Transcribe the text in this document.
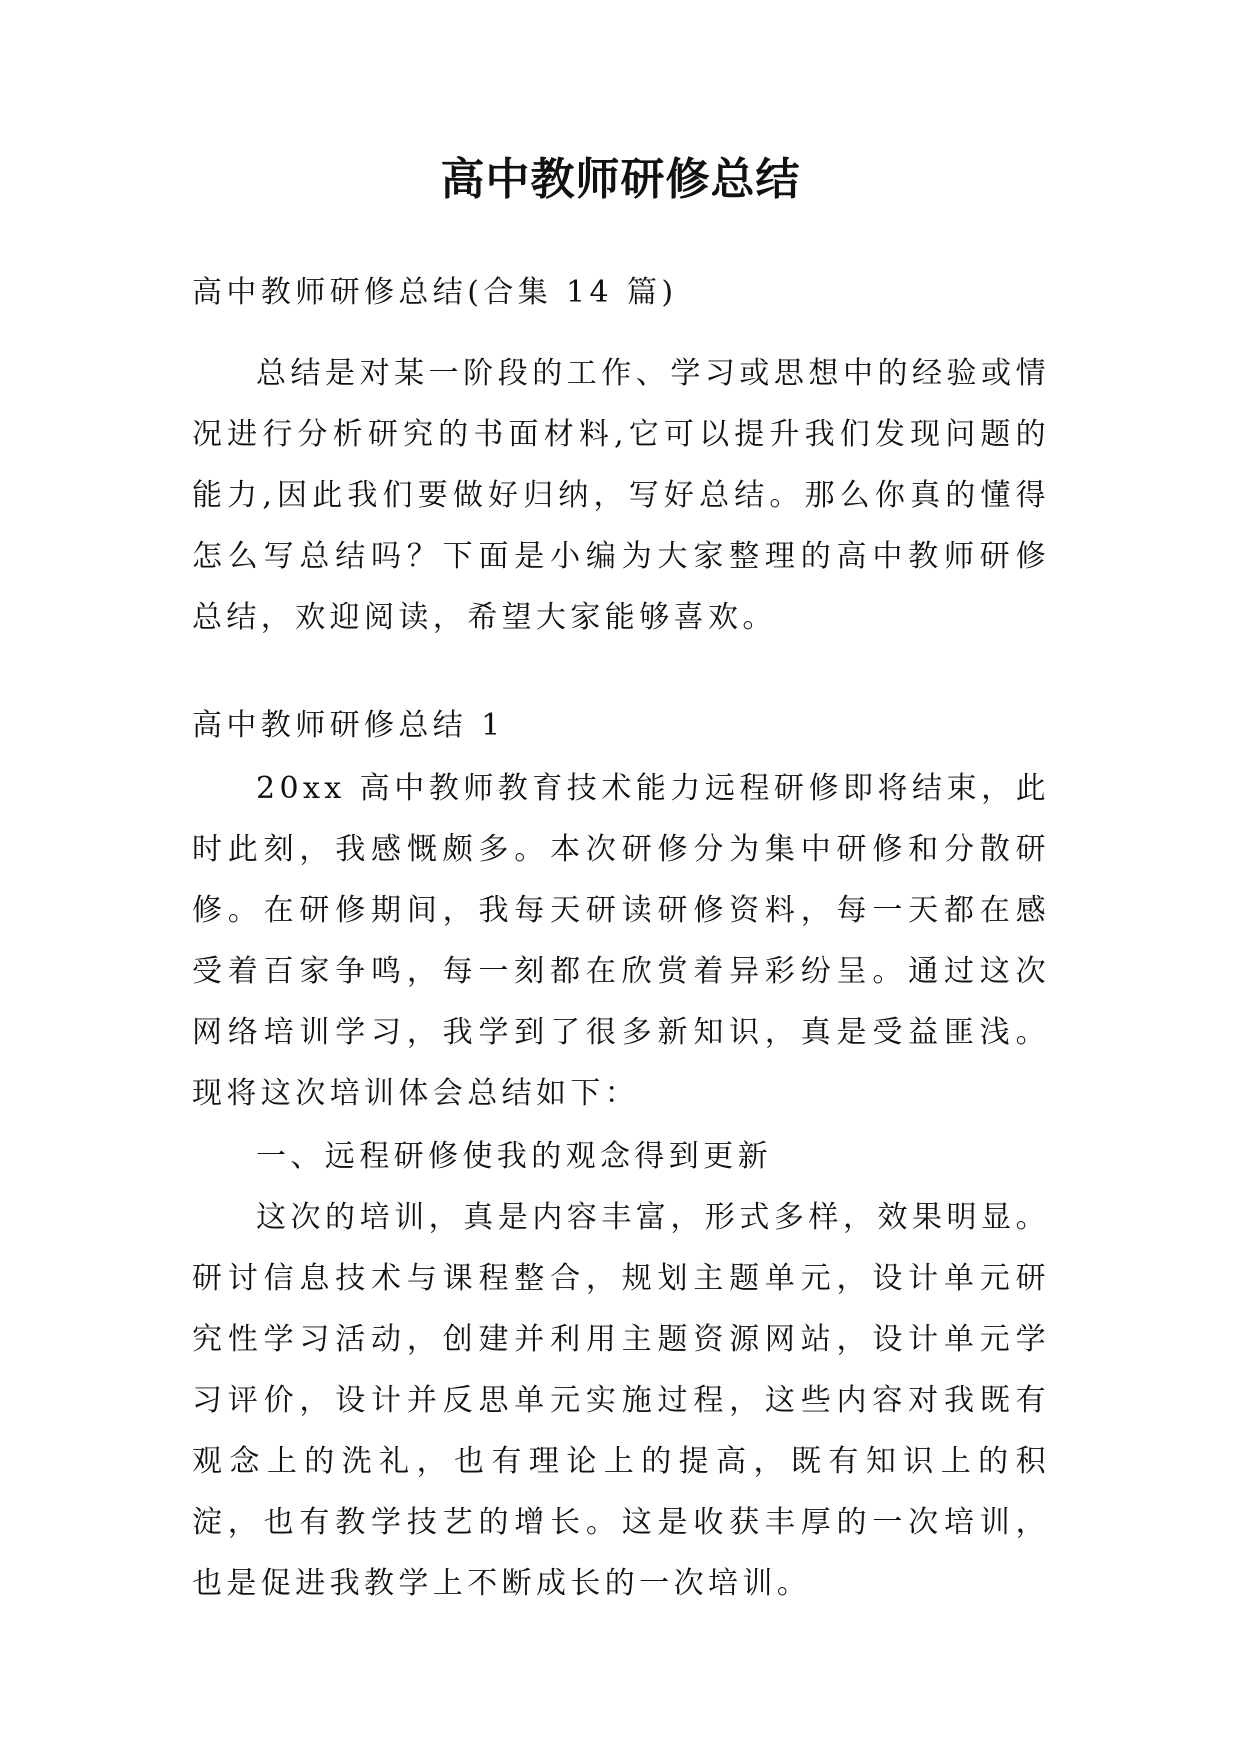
高中教师研修总结

高中教师研修总结(合集 14 篇)

总结是对某一阶段的工作、学习或思想中的经验或情况进行分析研究的书面材料,它可以提升我们发现问题的能力,因此我们要做好归纳，写好总结。那么你真的懂得怎么写总结吗？下面是小编为大家整理的高中教师研修总结，欢迎阅读，希望大家能够喜欢。

高中教师研修总结 1

20xx 高中教师教育技术能力远程研修即将结束，此时此刻，我感慨颇多。本次研修分为集中研修和分散研修。在研修期间，我每天研读研修资料，每一天都在感受着百家争鸣，每一刻都在欣赏着异彩纷呈。通过这次网络培训学习，我学到了很多新知识，真是受益匪浅。现将这次培训体会总结如下：

一、远程研修使我的观念得到更新

这次的培训，真是内容丰富，形式多样，效果明显。研讨信息技术与课程整合，规划主题单元，设计单元研究性学习活动，创建并利用主题资源网站，设计单元学习评价，设计并反思单元实施过程，这些内容对我既有观念上的洗礼，也有理论上的提高，既有知识上的积淀，也有教学技艺的增长。这是收获丰厚的一次培训，也是促进我教学上不断成长的一次培训。
